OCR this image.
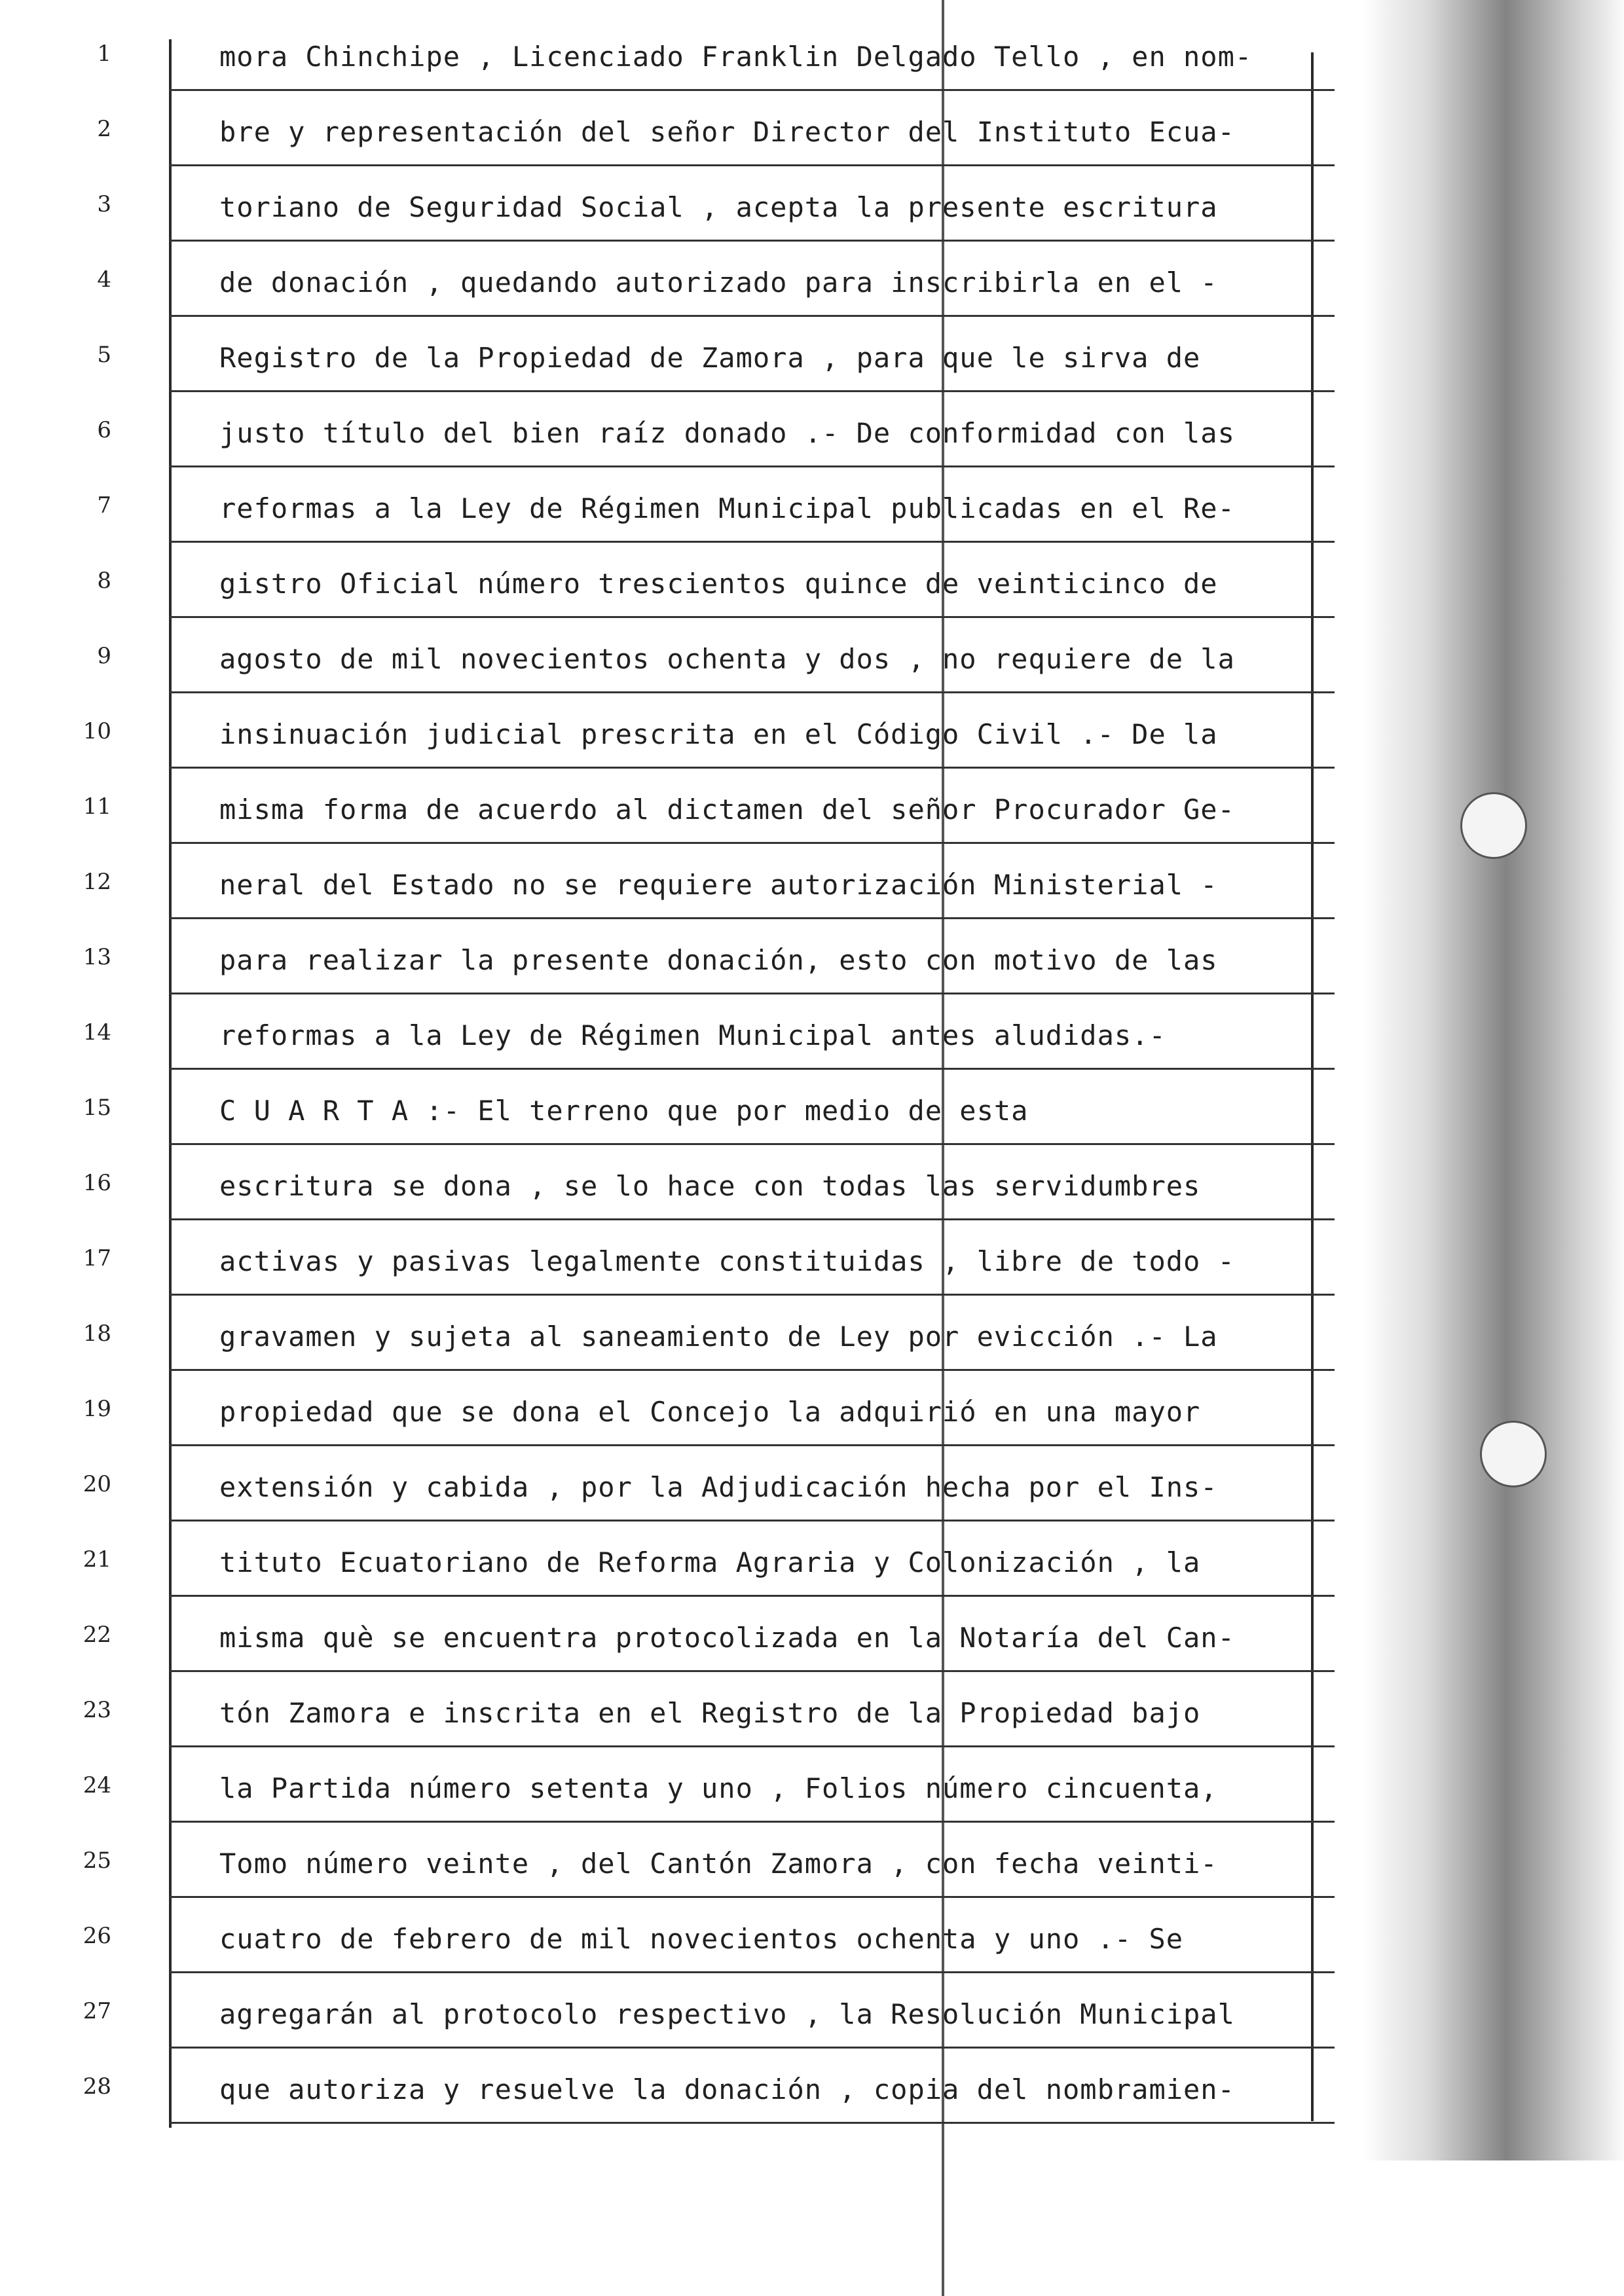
1	mora Chinchipe , Licenciado Franklin Delgado Tello , en nom-
2	bre y representación del señor Director del Instituto Ecua-
3	toriano de Seguridad Social , acepta la presente escritura
4	de donación , quedando autorizado para inscribirla en el -
5	Registro de la Propiedad de Zamora , para que le sirva de
6	justo título del bien raíz donado .- De conformidad con las
7	reformas a la Ley de Régimen Municipal publicadas en el Re-
8	gistro Oficial número trescientos quince de veinticinco de
9	agosto de mil novecientos ochenta y dos , no requiere de la
10	insinuación judicial prescrita en el Código Civil .- De la
11	misma forma de acuerdo al dictamen del señor Procurador Ge-
12	neral del Estado no se requiere autorización Ministerial -
13	para realizar la presente donación, esto con motivo de las
14	reformas a la Ley de Régimen Municipal antes aludidas.-
15	C U A R T A :- El terreno que por medio de esta
16	escritura se dona , se lo hace con todas las servidumbres
17	activas y pasivas legalmente constituidas , libre de todo -
18	gravamen y sujeta al saneamiento de Ley por evicción .- La
19	propiedad que se dona el Concejo la adquirió en una mayor
20	extensión y cabida , por la Adjudicación hecha por el Ins-
21	tituto Ecuatoriano de Reforma Agraria y Colonización , la
22	misma què se encuentra protocolizada en la Notaría del Can-
23	tón Zamora e inscrita en el Registro de la Propiedad bajo
24	la Partida número setenta y uno , Folios número cincuenta,
25	Tomo número veinte , del Cantón Zamora , con fecha veinti-
26	cuatro de febrero de mil novecientos ochenta y uno .- Se
27	agregarán al protocolo respectivo , la Resolución Municipal
28	que autoriza y resuelve la donación , copia del nombramien-
